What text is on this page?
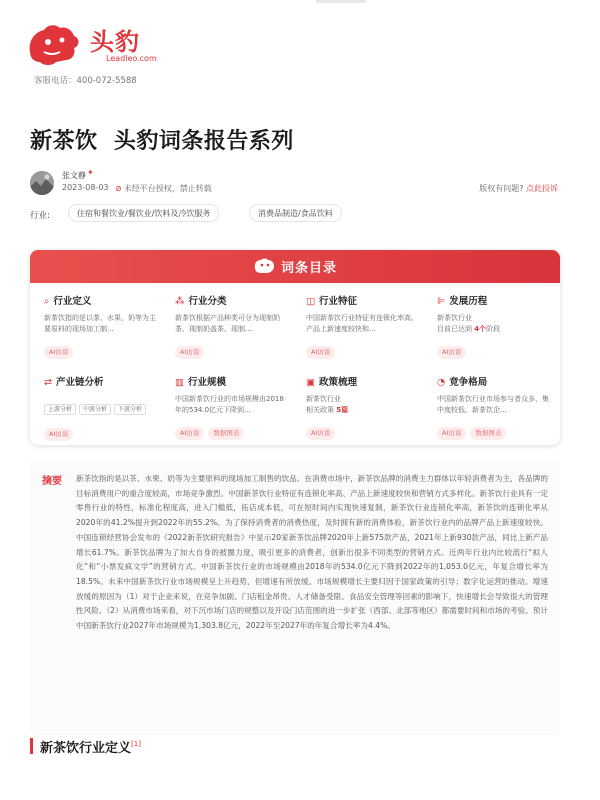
头豹
Leadleo.com
客服电话：400-072-5588
新茶饮  头豹词条报告系列
张文静 ✦
2023-08-03 ⊘ 未经平台授权，禁止转载	版权有问题? 点此投诉
行业:	住宿和餐饮业/餐饮业/饮料及冷饮服务	消费品制造/食品饮料
词条目录
⌕ 行业定义
新茶饮指的是以茶、水果、奶等为主要原料的现场加工制...
AI访谈
⁂ 行业分类
新茶饮根据产品种类可分为现制奶茶、现制奶盖茶、现制...
AI访谈
◫ 行业特征
中国新茶饮行业特征有连锁化率高、产品上新速度较快和...
AI访谈
⊫ 发展历程
新茶饮行业
目前已达到 4个阶段
AI访谈
⇄ 产业链分析
上游分析 中游分析 下游分析
AI访谈
▥ 行业规模
中国新茶饮行业的市场规模由2018年的534.0亿元下降到...
AI访谈 数据图表
▣ 政策梳理
新茶饮行业
相关政策 5篇
AI访谈
◔ 竞争格局
中国新茶饮行业市场参与者众多、集中度较低。新茶饮企...
AI访谈 数据图表
摘要 新茶饮指的是以茶、水果、奶等为主要原料的现场加工制售的饮品。在消费市场中，新茶饮品牌的消费主力群体以年轻消费者为主，各品牌的目标消费用户的重合度较高，市场竞争激烈。中国新茶饮行业特征有连锁化率高、产品上新速度较快和营销方式多样化。新茶饮行业具有一定零售行业的特性，标准化程度高，进入门槛低，拓店成本低，可在短时间内实现快速复制，新茶饮行业连锁化率高，新茶饮的连锁化率从2020年的41.2%提升到2022年的55.2%。为了保持消费者的消费热度，及时拥有新的消费体验，新茶饮行业内的品牌产品上新速度较快。中国连锁经营协会发布的《2022新茶饮研究报告》中显示20家新茶饮品牌2020年上新575款产品，2021年上新930款产品，同比上新产品增长61.7%。新茶饮品牌为了加大自身的被圈力度，吸引更多的消费者，创新出很多不同类型的营销方式。近两年行业内比较流行“拟人化”和“小票发疯文学”的营销方式。中国新茶饮行业的市场规模由2018年的534.0亿元下降到2022年的1,053.0亿元，年复合增长率为18.5%。未来中国新茶饮行业市场规模呈上升趋势，但增速有所放缓。市场规模增长主要归因于国家政策的引导；数字化运营的推动。增速放缓的原因为（1）对于企业来说，在竞争加剧、门店租金昂贵、人才储备受限、食品安全管理等因素的影响下，快速增长会导致很大的管理性风险。（2）从消费市场来看，对下沉市场门店的规整以及开设门店范围的进一步扩张（西部、北部等地区）都需要时间和市场的考验。预计中国新茶饮行业2027年市场规模为1,303.8亿元，2022年至2027年的年复合增长率为4.4%。
新茶饮行业定义[1]
